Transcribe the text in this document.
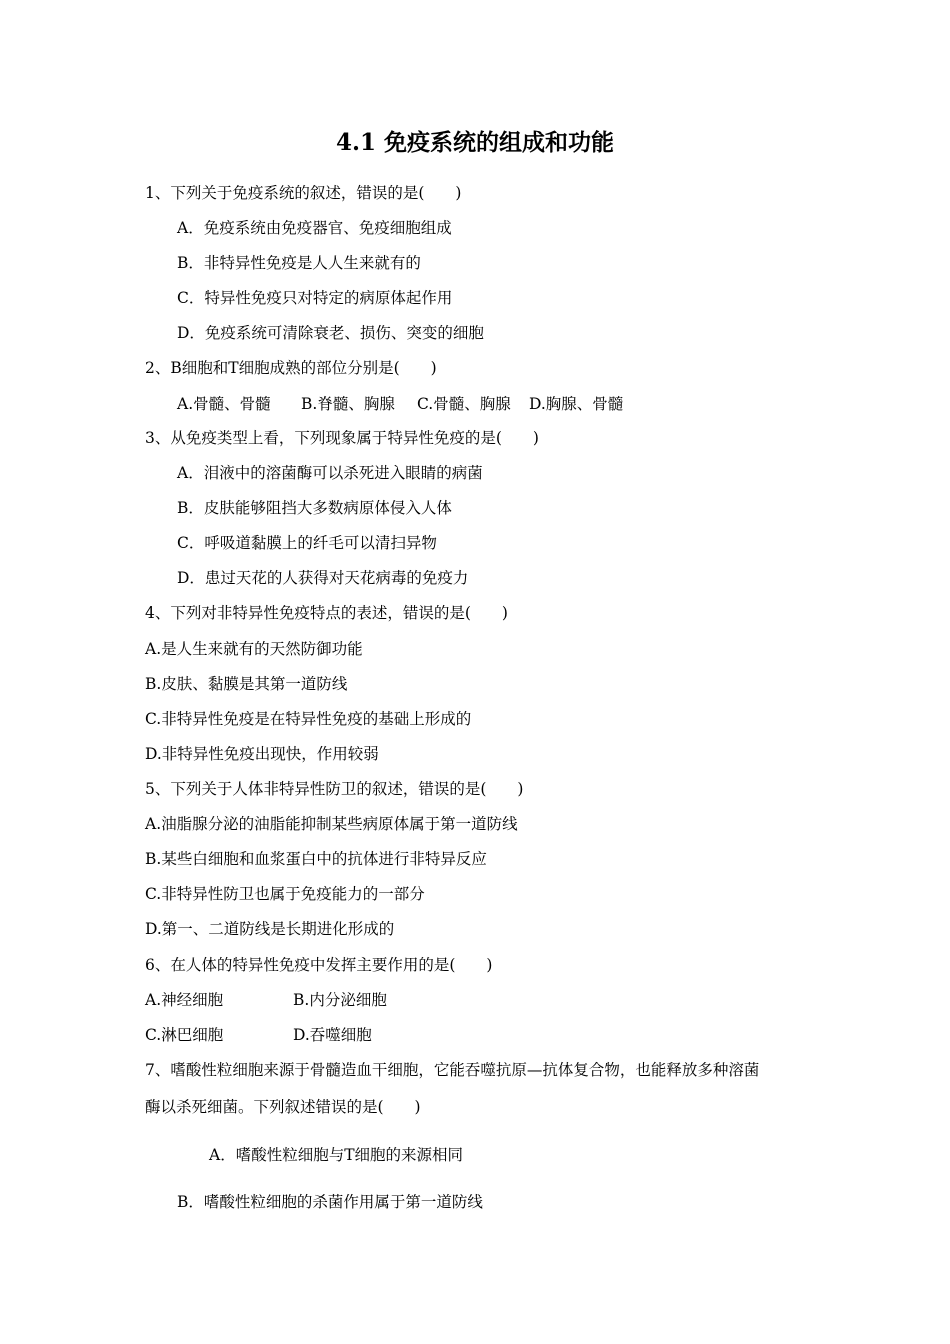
4.1 免疫系统的组成和功能
1、下列关于免疫系统的叙述，错误的是(　　)
A．免疫系统由免疫器官、免疫细胞组成
B．非特异性免疫是人人生来就有的
C．特异性免疫只对特定的病原体起作用
D．免疫系统可清除衰老、损伤、突变的细胞
2、B细胞和T细胞成熟的部位分别是(　　)
A.骨髓、骨髓 B.脊髓、胸腺 C.骨髓、胸腺 D.胸腺、骨髓
3、从免疫类型上看，下列现象属于特异性免疫的是(　　)
A．泪液中的溶菌酶可以杀死进入眼睛的病菌
B．皮肤能够阻挡大多数病原体侵入人体
C．呼吸道黏膜上的纤毛可以清扫异物
D．患过天花的人获得对天花病毒的免疫力
4、下列对非特异性免疫特点的表述，错误的是(　　)
A.是人生来就有的天然防御功能
B.皮肤、黏膜是其第一道防线
C.非特异性免疫是在特异性免疫的基础上形成的
D.非特异性免疫出现快，作用较弱
5、下列关于人体非特异性防卫的叙述，错误的是(　　)
A.油脂腺分泌的油脂能抑制某些病原体属于第一道防线
B.某些白细胞和血浆蛋白中的抗体进行非特异反应
C.非特异性防卫也属于免疫能力的一部分
D.第一、二道防线是长期进化形成的
6、在人体的特异性免疫中发挥主要作用的是(　　)
A.神经细胞	B.内分泌细胞
C.淋巴细胞	D.吞噬细胞
7、嗜酸性粒细胞来源于骨髓造血干细胞，它能吞噬抗原—抗体复合物，也能释放多种溶菌
酶以杀死细菌。下列叙述错误的是(　　)
A．嗜酸性粒细胞与T细胞的来源相同
B．嗜酸性粒细胞的杀菌作用属于第一道防线
